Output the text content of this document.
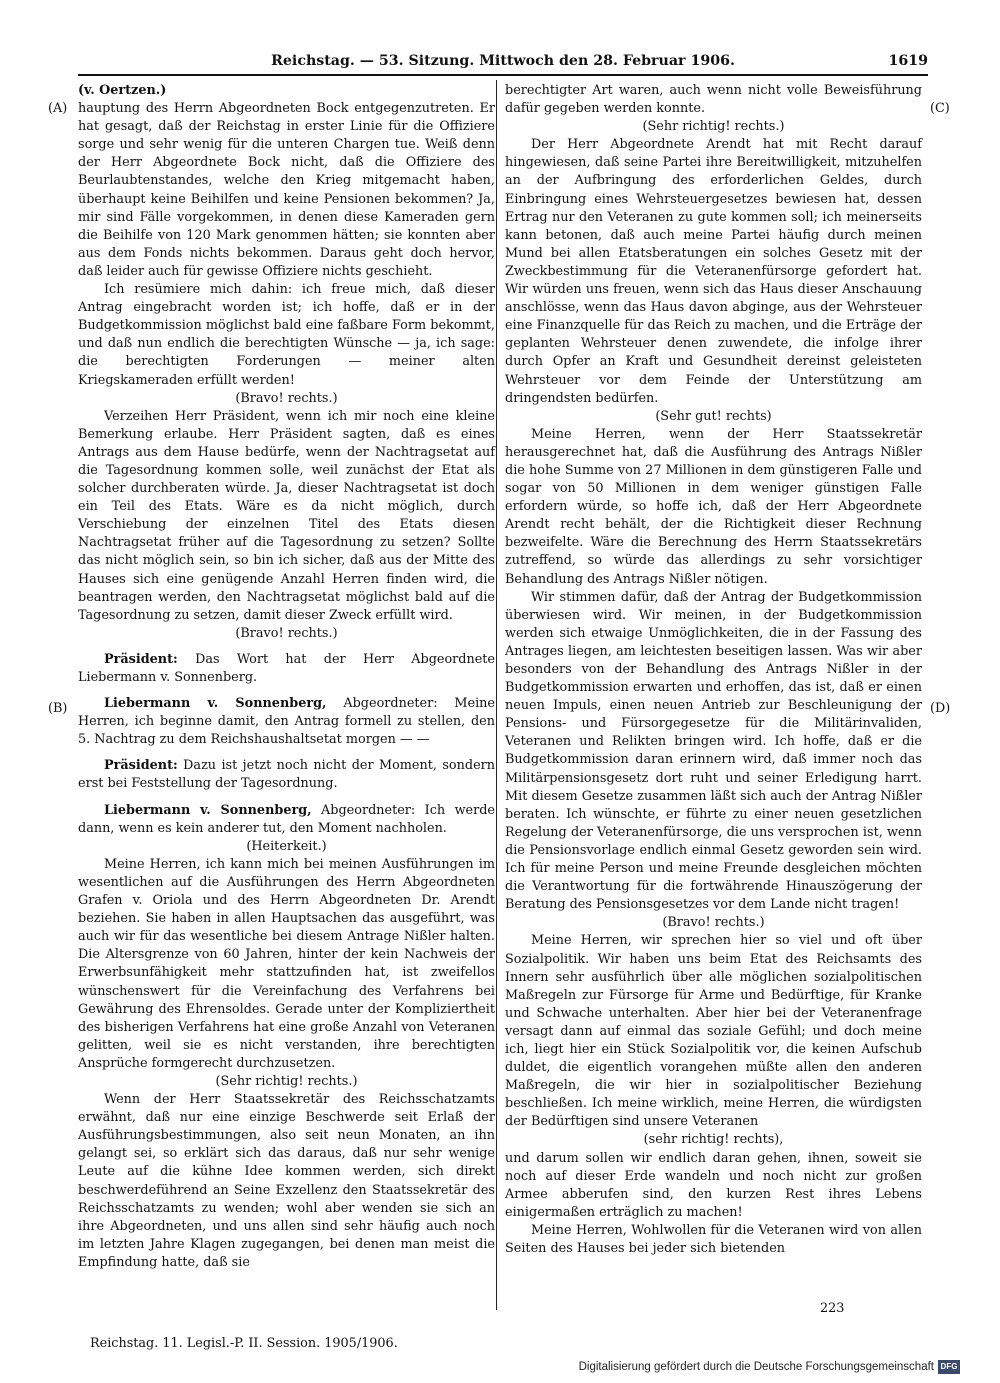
Reichstag. — 53. Sitzung. Mittwoch den 28. Februar 1906.	1619
(A)
(B)
(C)
(D)
(v. Oertzen.)
hauptung des Herrn Abgeordneten Bock entgegenzutreten. Er hat gesagt, daß der Reichstag in erster Linie für die Offiziere sorge und sehr wenig für die unteren Chargen tue. Weiß denn der Herr Abgeordnete Bock nicht, daß die Offiziere des Beurlaubtenstandes, welche den Krieg mitgemacht haben, überhaupt keine Beihilfen und keine Pensionen bekommen? Ja, mir sind Fälle vorgekommen, in denen diese Kameraden gern die Beihilfe von 120 Mark genommen hätten; sie konnten aber aus dem Fonds nichts bekommen. Daraus geht doch hervor, daß leider auch für gewisse Offiziere nichts geschieht.
Ich resümiere mich dahin: ich freue mich, daß dieser Antrag eingebracht worden ist; ich hoffe, daß er in der Budgetkommission möglichst bald eine faßbare Form bekommt, und daß nun endlich die berechtigten Wünsche — ja, ich sage: die berechtigten Forderungen — meiner alten Kriegskameraden erfüllt werden!
(Bravo! rechts.)
Verzeihen Herr Präsident, wenn ich mir noch eine kleine Bemerkung erlaube. Herr Präsident sagten, daß es eines Antrags aus dem Hause bedürfe, wenn der Nachtragsetat auf die Tagesordnung kommen solle, weil zunächst der Etat als solcher durchberaten würde. Ja, dieser Nachtragsetat ist doch ein Teil des Etats. Wäre es da nicht möglich, durch Verschiebung der einzelnen Titel des Etats diesen Nachtragsetat früher auf die Tagesordnung zu setzen? Sollte das nicht möglich sein, so bin ich sicher, daß aus der Mitte des Hauses sich eine genügende Anzahl Herren finden wird, die beantragen werden, den Nachtragsetat möglichst bald auf die Tagesordnung zu setzen, damit dieser Zweck erfüllt wird.
(Bravo! rechts.)
Präsident: Das Wort hat der Herr Abgeordnete Liebermann v. Sonnenberg.
Liebermann v. Sonnenberg, Abgeordneter: Meine Herren, ich beginne damit, den Antrag formell zu stellen, den 5. Nachtrag zu dem Reichshaushaltsetat morgen — —
Präsident: Dazu ist jetzt noch nicht der Moment, sondern erst bei Feststellung der Tagesordnung.
Liebermann v. Sonnenberg, Abgeordneter: Ich werde dann, wenn es kein anderer tut, den Moment nachholen.
(Heiterkeit.)
Meine Herren, ich kann mich bei meinen Ausführungen im wesentlichen auf die Ausführungen des Herrn Abgeordneten Grafen v. Oriola und des Herrn Abgeordneten Dr. Arendt beziehen. Sie haben in allen Hauptsachen das ausgeführt, was auch wir für das wesentliche bei diesem Antrage Nißler halten. Die Altersgrenze von 60 Jahren, hinter der kein Nachweis der Erwerbsunfähigkeit mehr stattzufinden hat, ist zweifellos wünschenswert für die Vereinfachung des Verfahrens bei Gewährung des Ehrensoldes. Gerade unter der Kompliziertheit des bisherigen Verfahrens hat eine große Anzahl von Veteranen gelitten, weil sie es nicht verstanden, ihre berechtigten Ansprüche formgerecht durchzusetzen.
(Sehr richtig! rechts.)
Wenn der Herr Staatssekretär des Reichsschatzamts erwähnt, daß nur eine einzige Beschwerde seit Erlaß der Ausführungsbestimmungen, also seit neun Monaten, an ihn gelangt sei, so erklärt sich das daraus, daß nur sehr wenige Leute auf die kühne Idee kommen werden, sich direkt beschwerdeführend an Seine Exzellenz den Staatssekretär des Reichsschatzamts zu wenden; wohl aber wenden sie sich an ihre Abgeordneten, und uns allen sind sehr häufig auch noch im letzten Jahre Klagen zugegangen, bei denen man meist die Empfindung hatte, daß sie
berechtigter Art waren, auch wenn nicht volle Beweisführung dafür gegeben werden konnte.
(Sehr richtig! rechts.)
Der Herr Abgeordnete Arendt hat mit Recht darauf hingewiesen, daß seine Partei ihre Bereitwilligkeit, mitzuhelfen an der Aufbringung des erforderlichen Geldes, durch Einbringung eines Wehrsteuergesetzes bewiesen hat, dessen Ertrag nur den Veteranen zu gute kommen soll; ich meinerseits kann betonen, daß auch meine Partei häufig durch meinen Mund bei allen Etatsberatungen ein solches Gesetz mit der Zweckbestimmung für die Veteranenfürsorge gefordert hat. Wir würden uns freuen, wenn sich das Haus dieser Anschauung anschlösse, wenn das Haus davon abginge, aus der Wehrsteuer eine Finanzquelle für das Reich zu machen, und die Erträge der geplanten Wehrsteuer denen zuwendete, die infolge ihrer durch Opfer an Kraft und Gesundheit dereinst geleisteten Wehrsteuer vor dem Feinde der Unterstützung am dringendsten bedürfen.
(Sehr gut! rechts)
Meine Herren, wenn der Herr Staatssekretär herausgerechnet hat, daß die Ausführung des Antrags Nißler die hohe Summe von 27 Millionen in dem günstigeren Falle und sogar von 50 Millionen in dem weniger günstigen Falle erfordern würde, so hoffe ich, daß der Herr Abgeordnete Arendt recht behält, der die Richtigkeit dieser Rechnung bezweifelte. Wäre die Berechnung des Herrn Staatssekretärs zutreffend, so würde das allerdings zu sehr vorsichtiger Behandlung des Antrags Nißler nötigen.
Wir stimmen dafür, daß der Antrag der Budgetkommission überwiesen wird. Wir meinen, in der Budgetkommission werden sich etwaige Unmöglichkeiten, die in der Fassung des Antrages liegen, am leichtesten beseitigen lassen. Was wir aber besonders von der Behandlung des Antrags Nißler in der Budgetkommission erwarten und erhoffen, das ist, daß er einen neuen Impuls, einen neuen Antrieb zur Beschleunigung der Pensions- und Fürsorgegesetze für die Militärinvaliden, Veteranen und Relikten bringen wird. Ich hoffe, daß er die Budgetkommission daran erinnern wird, daß immer noch das Militärpensionsgesetz dort ruht und seiner Erledigung harrt. Mit diesem Gesetze zusammen läßt sich auch der Antrag Nißler beraten. Ich wünschte, er führte zu einer neuen gesetzlichen Regelung der Veteranenfürsorge, die uns versprochen ist, wenn die Pensionsvorlage endlich einmal Gesetz geworden sein wird. Ich für meine Person und meine Freunde desgleichen möchten die Verantwortung für die fortwährende Hinauszögerung der Beratung des Pensionsgesetzes vor dem Lande nicht tragen!
(Bravo! rechts.)
Meine Herren, wir sprechen hier so viel und oft über Sozialpolitik. Wir haben uns beim Etat des Reichsamts des Innern sehr ausführlich über alle möglichen sozialpolitischen Maßregeln zur Fürsorge für Arme und Bedürftige, für Kranke und Schwache unterhalten. Aber hier bei der Veteranenfrage versagt dann auf einmal das soziale Gefühl; und doch meine ich, liegt hier ein Stück Sozialpolitik vor, die keinen Aufschub duldet, die eigentlich vorangehen müßte allen den anderen Maßregeln, die wir hier in sozialpolitischer Beziehung beschließen. Ich meine wirklich, meine Herren, die würdigsten der Bedürftigen sind unsere Veteranen
(sehr richtig! rechts),
und darum sollen wir endlich daran gehen, ihnen, soweit sie noch auf dieser Erde wandeln und noch nicht zur großen Armee abberufen sind, den kurzen Rest ihres Lebens einigermaßen erträglich zu machen!
Meine Herren, Wohlwollen für die Veteranen wird von allen Seiten des Hauses bei jeder sich bietenden
Reichstag. 11. Legisl.-P. II. Session. 1905/1906.
223
Digitalisierung gefördert durch die Deutsche Forschungsgemeinschaft DFG
